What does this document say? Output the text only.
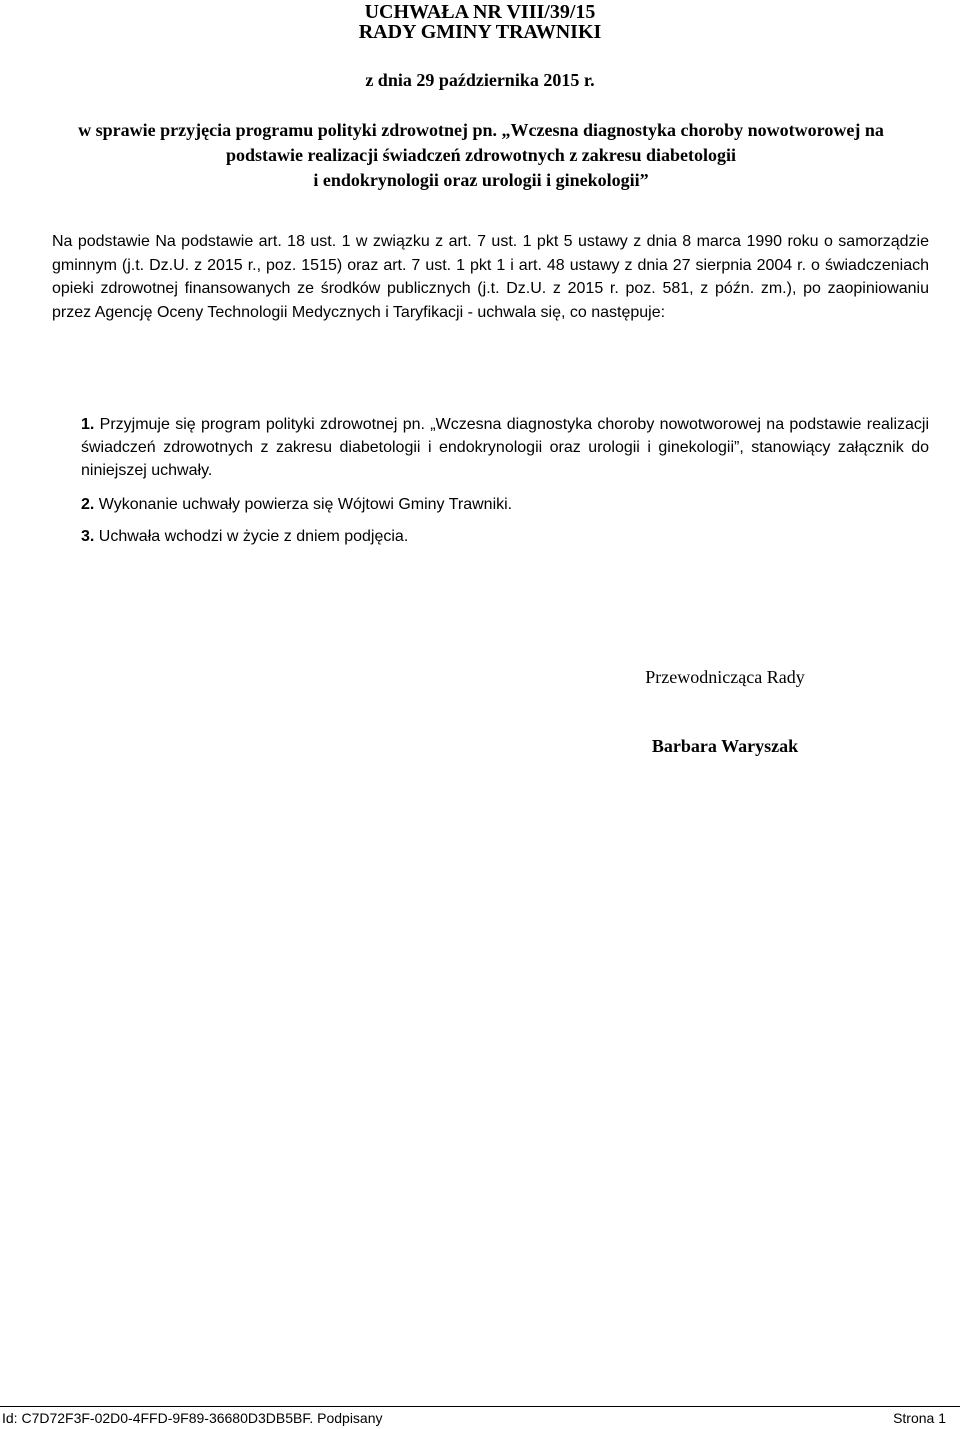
UCHWAŁA NR VIII/39/15
RADY GMINY TRAWNIKI
z dnia 29 października 2015 r.
w sprawie przyjęcia programu polityki zdrowotnej pn. „Wczesna diagnostyka choroby nowotworowej na
podstawie realizacji świadczeń zdrowotnych z zakresu diabetologii
i endokrynologii oraz urologii i ginekologii”
Na podstawie Na podstawie art. 18 ust. 1 w związku z art. 7 ust. 1 pkt 5 ustawy z dnia 8 marca 1990 roku o samorządzie gminnym (j.t. Dz.U. z 2015 r., poz. 1515) oraz art. 7 ust. 1 pkt 1 i art. 48 ustawy z dnia 27 sierpnia 2004 r. o świadczeniach opieki zdrowotnej finansowanych ze środków publicznych (j.t. Dz.U. z 2015 r. poz. 581, z późn. zm.), po zaopiniowaniu przez Agencję Oceny Technologii Medycznych i Taryfikacji - uchwala się, co następuje:
1. Przyjmuje się program polityki zdrowotnej pn. „Wczesna diagnostyka choroby nowotworowej na podstawie realizacji świadczeń zdrowotnych z zakresu diabetologii i endokrynologii oraz urologii i ginekologii”, stanowiący załącznik do niniejszej uchwały.
2. Wykonanie uchwały powierza się Wójtowi Gminy Trawniki.
3. Uchwała wchodzi w życie z dniem podjęcia.
Przewodnicząca Rady
Barbara Waryszak
Id: C7D72F3F-02D0-4FFD-9F89-36680D3DB5BF. Podpisany	Strona 1
